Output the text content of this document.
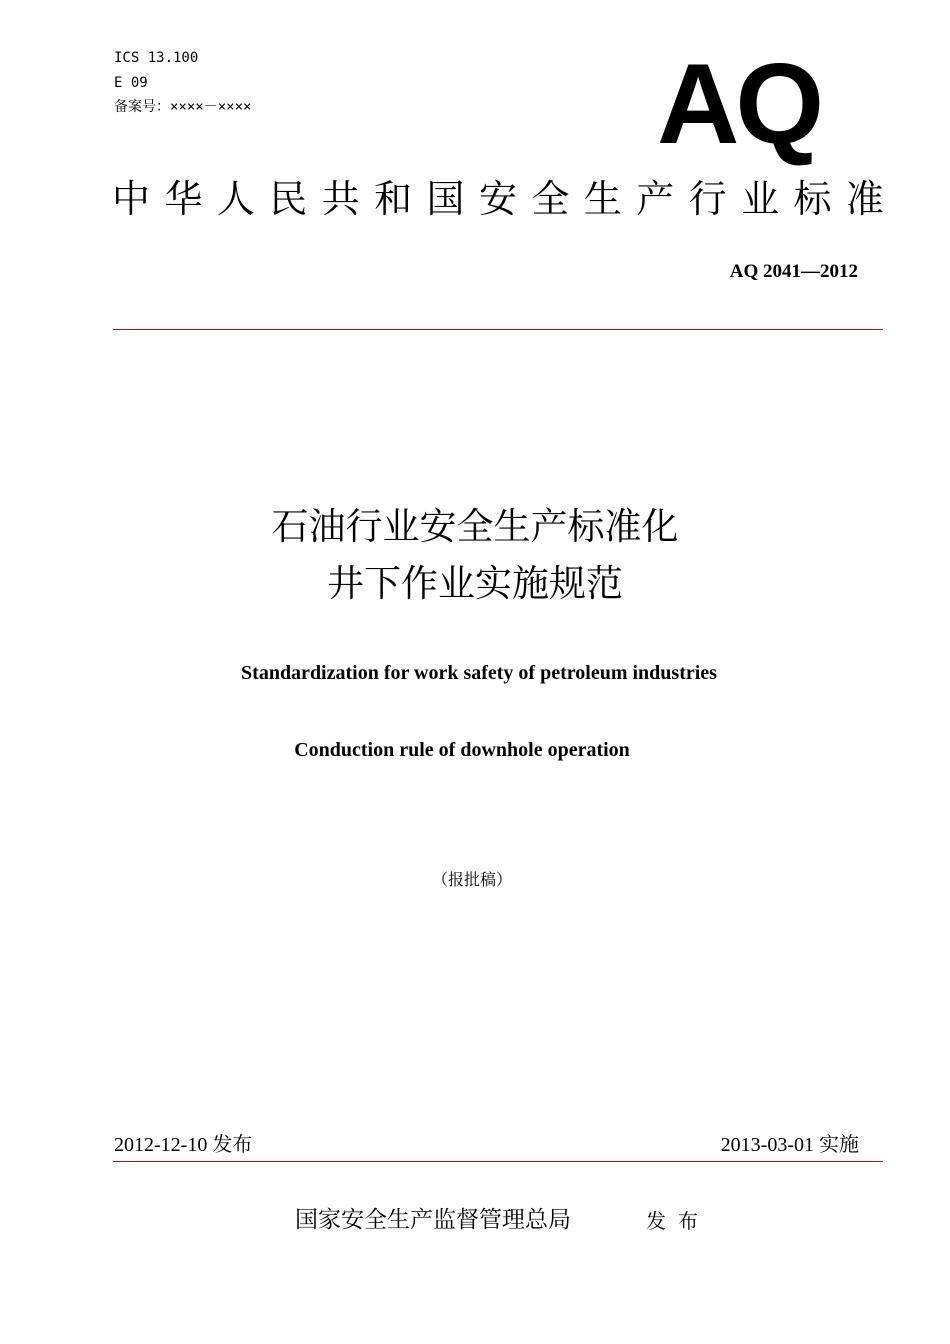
ICS 13.100
E 09
备案号：××××－××××	AQ
中 华 人 民 共 和 国 安 全 生 产 行 业 标 准
AQ 2041—2012
石油行业安全生产标准化
井下作业实施规范
Standardization for work safety of petroleum industries
Conduction rule of downhole operation
（报批稿）
2012-12-10 发布	2013-03-01 实施
国家安全生产监督管理总局	发布
